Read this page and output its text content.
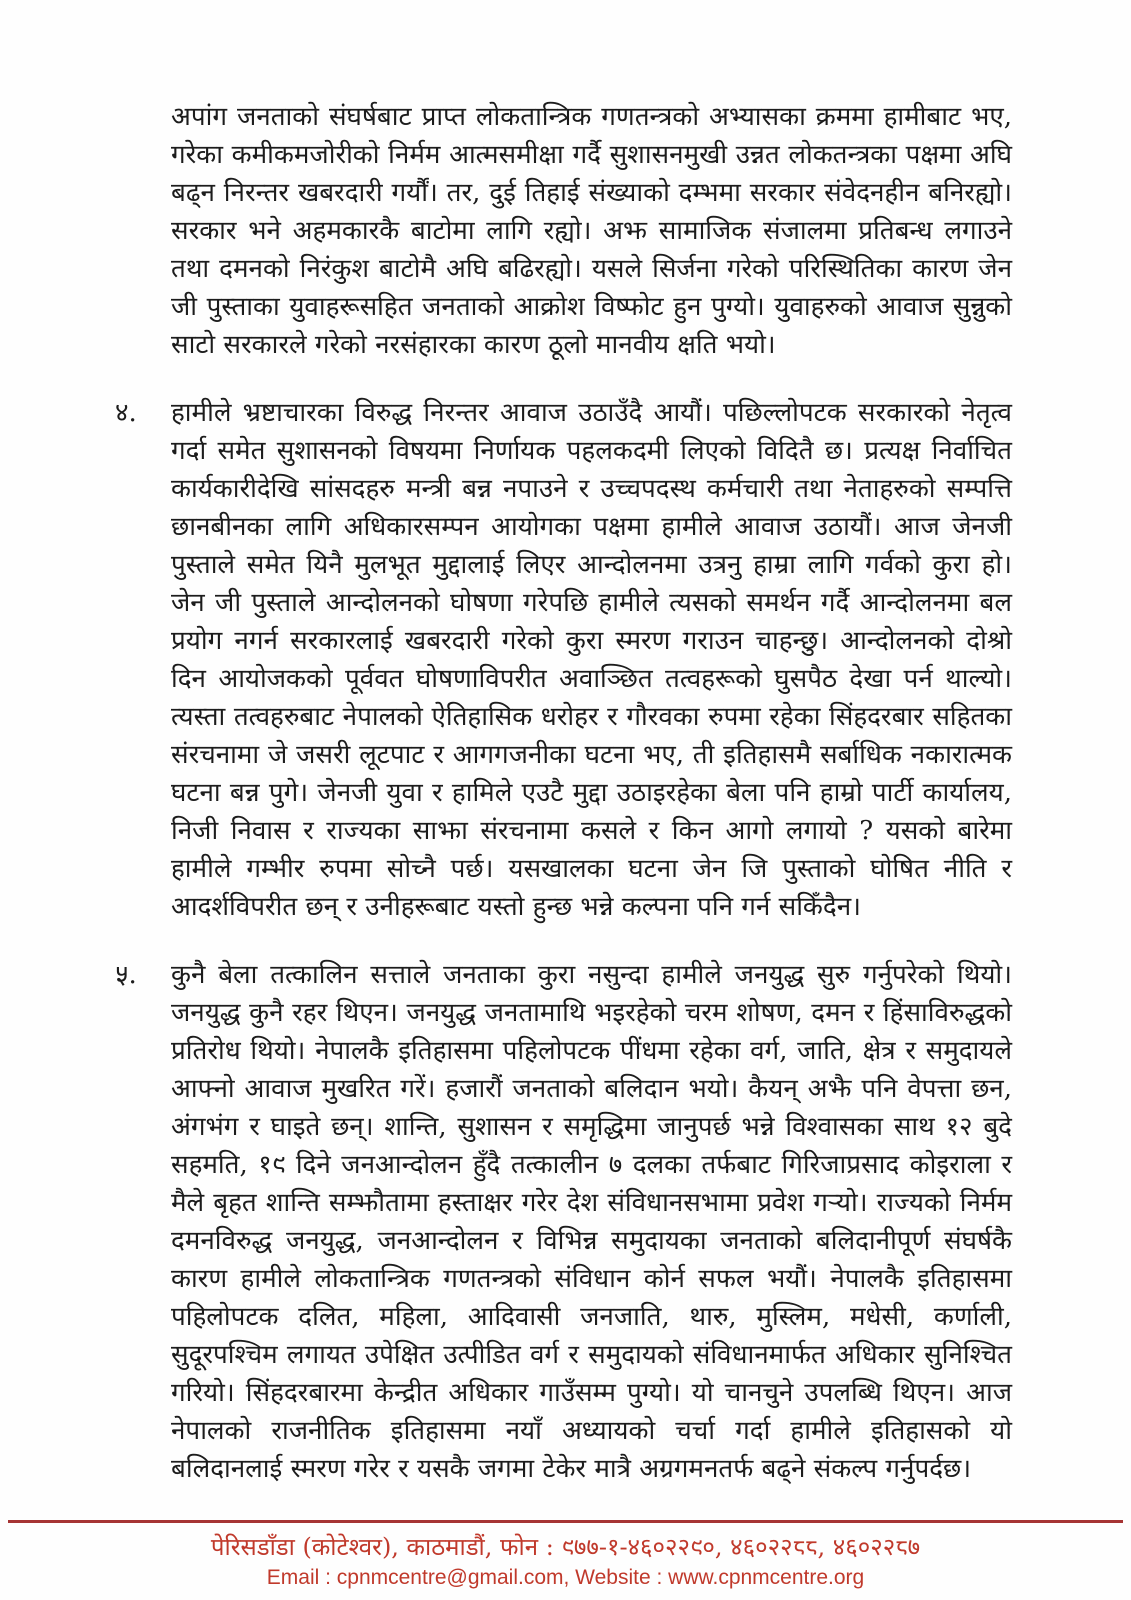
अपांग जनताको संघर्षबाट प्राप्त लोकतान्त्रिक गणतन्त्रको अभ्यासका क्रममा हामीबाट भए, गरेका कमीकमजोरीको निर्मम आत्मसमीक्षा गर्दै सुशासनमुखी उन्नत लोकतन्त्रका पक्षमा अघि बढ्न निरन्तर खबरदारी गर्यौं। तर, दुई तिहाई संख्याको दम्भमा सरकार संवेदनहीन बनिरह्यो। सरकार भने अहमकारकै बाटोमा लागि रह्यो। अझ सामाजिक संजालमा प्रतिबन्ध लगाउने तथा दमनको निरंकुश बाटोमै अघि बढिरह्यो। यसले सिर्जना गरेको परिस्थितिका कारण जेन जी पुस्ताका युवाहरूसहित जनताको आक्रोश विष्फोट हुन पुग्यो। युवाहरुको आवाज सुन्नुको साटो सरकारले गरेको नरसंहारका कारण ठूलो मानवीय क्षति भयो।
४.	हामीले भ्रष्टाचारका विरुद्ध निरन्तर आवाज उठाउँदै आयौं। पछिल्लोपटक सरकारको नेतृत्व गर्दा समेत सुशासनको विषयमा निर्णायक पहलकदमी लिएको विदितै छ। प्रत्यक्ष निर्वाचित कार्यकारीदेखि सांसदहरु मन्त्री बन्न नपाउने र उच्चपदस्थ कर्मचारी तथा नेताहरुको सम्पत्ति छानबीनका लागि अधिकारसम्पन आयोगका पक्षमा हामीले आवाज उठायौं। आज जेनजी पुस्ताले समेत यिनै मुलभूत मुद्दालाई लिएर आन्दोलनमा उत्रनु हाम्रा लागि गर्वको कुरा हो। जेन जी पुस्ताले आन्दोलनको घोषणा गरेपछि हामीले त्यसको समर्थन गर्दै आन्दोलनमा बल प्रयोग नगर्न सरकारलाई खबरदारी गरेको कुरा स्मरण गराउन चाहन्छु। आन्दोलनको दोश्रो दिन आयोजकको पूर्ववत घोषणाविपरीत अवाञ्छित तत्वहरूको घुसपैठ देखा पर्न थाल्यो। त्यस्ता तत्वहरुबाट नेपालको ऐतिहासिक धरोहर र गौरवका रुपमा रहेका सिंहदरबार सहितका संरचनामा जे जसरी लूटपाट र आगगजनीका घटना भए, ती इतिहासमै सर्बाधिक नकारात्मक घटना बन्न पुगे। जेनजी युवा र हामिले एउटै मुद्दा उठाइरहेका बेला पनि हाम्रो पार्टी कार्यालय, निजी निवास र राज्यका साझा संरचनामा कसले र किन आगो लगायो ? यसको बारेमा हामीले गम्भीर रुपमा सोच्नै पर्छ। यसखालका घटना जेन जि पुस्ताको घोषित नीति र आदर्शविपरीत छन् र उनीहरूबाट यस्तो हुन्छ भन्ने कल्पना पनि गर्न सकिँदैन।
५.	कुनै बेला तत्कालिन सत्ताले जनताका कुरा नसुन्दा हामीले जनयुद्ध सुरु गर्नुपरेको थियो। जनयुद्ध कुनै रहर थिएन। जनयुद्ध जनतामाथि भइरहेको चरम शोषण, दमन र हिंसाविरुद्धको प्रतिरोध थियो। नेपालकै इतिहासमा पहिलोपटक पींधमा रहेका वर्ग, जाति, क्षेत्र र समुदायले आफ्नो आवाज मुखरित गरें। हजारौं जनताको बलिदान भयो। कैयन् अझै पनि वेपत्ता छन, अंगभंग र घाइते छन्। शान्ति, सुशासन र समृद्धिमा जानुपर्छ भन्ने विश्वासका साथ १२ बुदे सहमति, १९ दिने जनआन्दोलन हुँदै तत्कालीन ७ दलका तर्फबाट गिरिजाप्रसाद कोइराला र मैले बृहत शान्ति सम्झौतामा हस्ताक्षर गरेर देश संविधानसभामा प्रवेश गऱ्यो। राज्यको निर्मम दमनविरुद्ध जनयुद्ध, जनआन्दोलन र विभिन्न समुदायका जनताको बलिदानीपूर्ण संघर्षकै कारण हामीले लोकतान्त्रिक गणतन्त्रको संविधान कोर्न सफल भयौं। नेपालकै इतिहासमा पहिलोपटक दलित, महिला, आदिवासी जनजाति, थारु, मुस्लिम, मधेसी, कर्णाली, सुदूरपश्चिम लगायत उपेक्षित उत्पीडित वर्ग र समुदायको संविधानमार्फत अधिकार सुनिश्चित गरियो। सिंहदरबारमा केन्द्रीत अधिकार गाउँसम्म पुग्यो। यो चानचुने उपलब्धि थिएन। आज नेपालको राजनीतिक इतिहासमा नयाँ अध्यायको चर्चा गर्दा हामीले इतिहासको यो बलिदानलाई स्मरण गरेर र यसकै जगमा टेकेर मात्रै अग्रगमनतर्फ बढ्ने संकल्प गर्नुपर्दछ।
पेरिसडाँडा (कोटेश्वर), काठमाडौं, फोन : ९७७-१-४६०२२९०, ४६०२२८८, ४६०२२८७
Email : cpnmcentre@gmail.com, Website : www.cpnmcentre.org
